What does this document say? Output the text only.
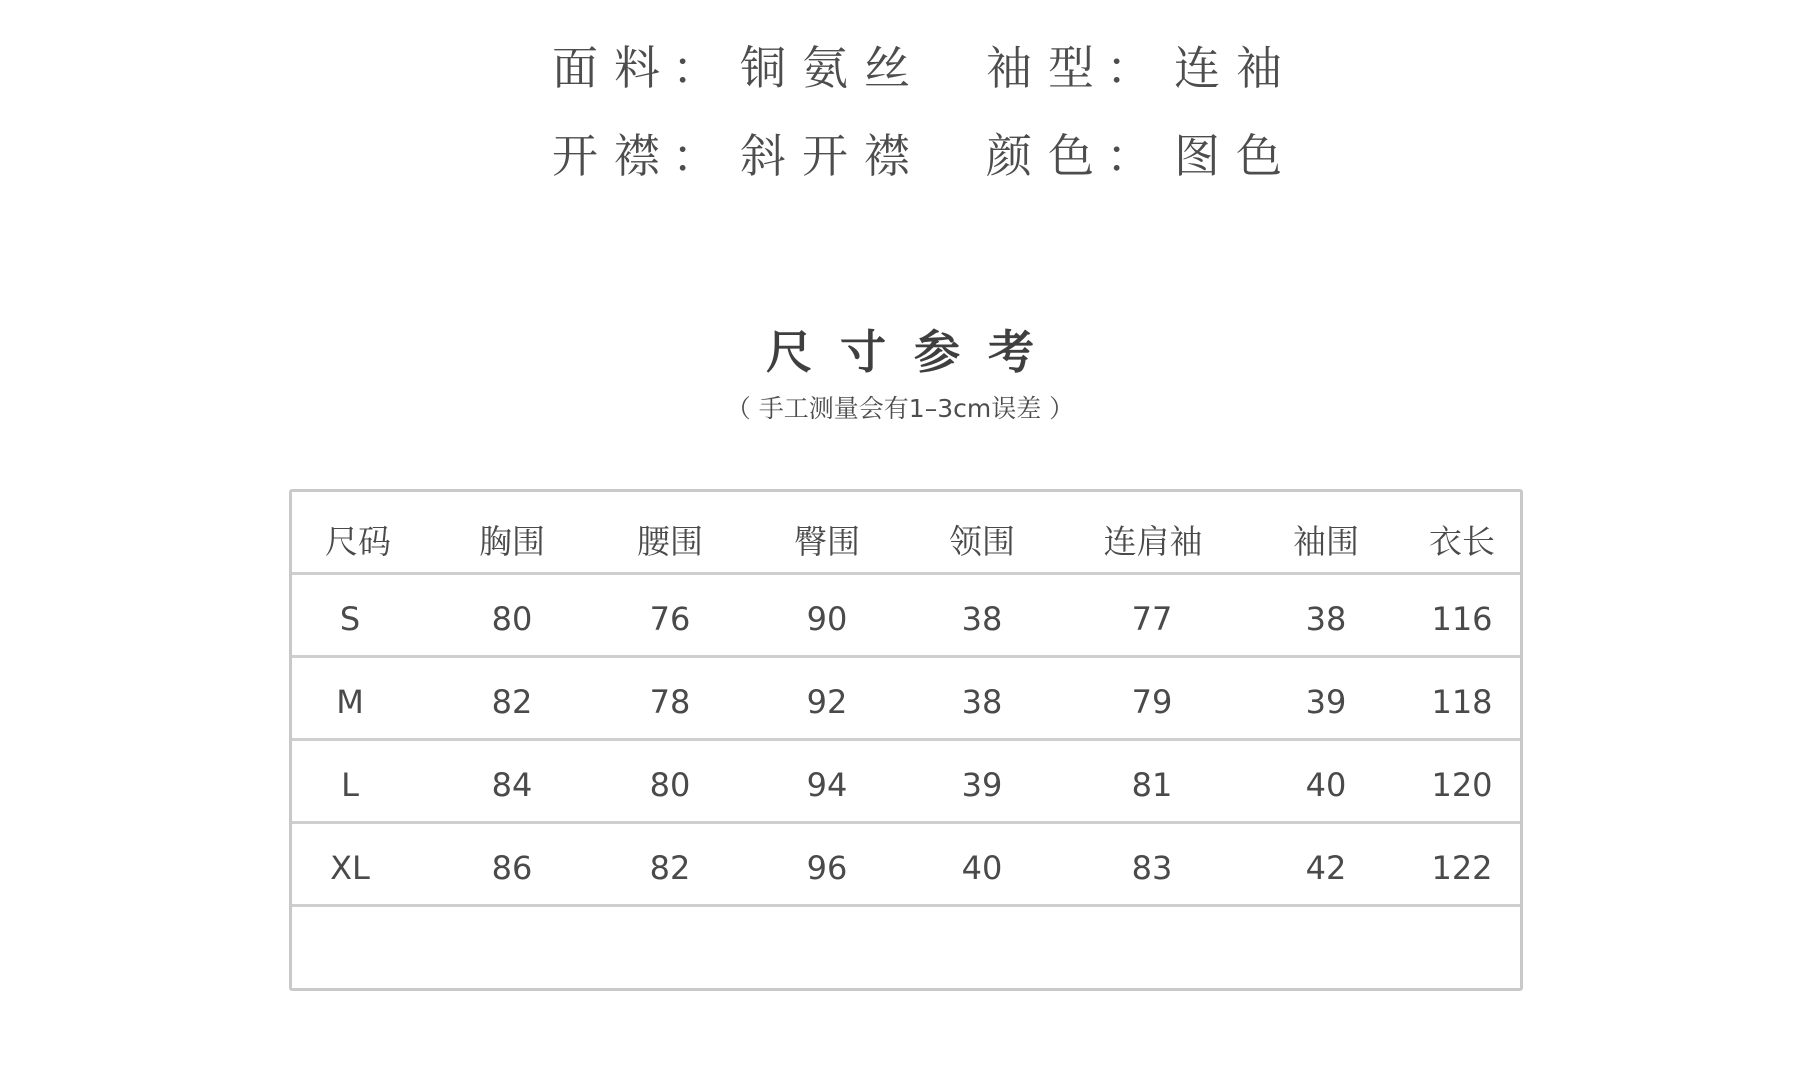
面料： 铜氨丝 袖型： 连袖
开襟： 斜开襟 颜色： 图色
尺寸参考
（ 手工测量会有1–3cm误差 ）
尺码	胸围	腰围	臀围	领围	连肩袖	袖围 衣长
S	80	76	90	38	77	38	116
M	82	78	92	38	79	39	118
L	84	80	94	39	81	40	120
XL	86	82	96	40	83	42	122
